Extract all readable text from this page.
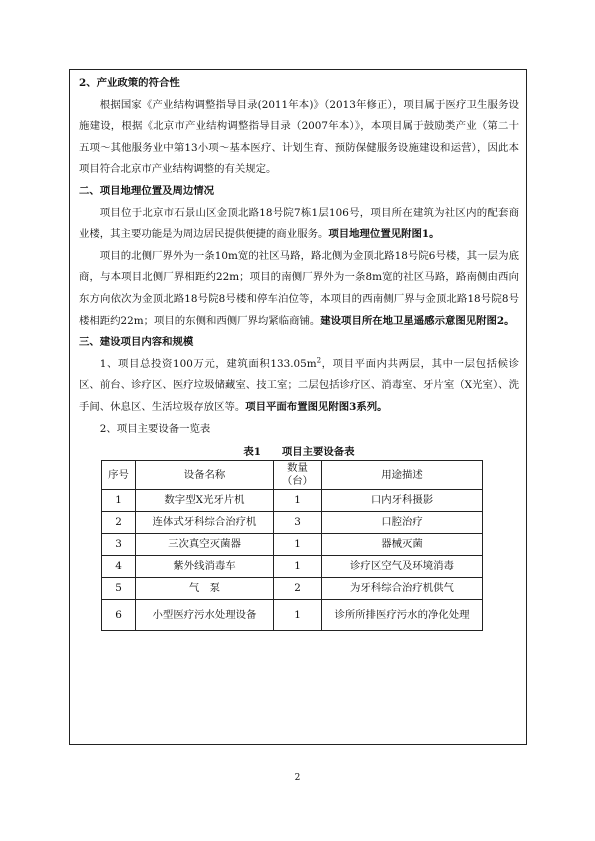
2、产业政策的符合性

根据国家《产业结构调整指导目录(2011年本)》（2013年修正），项目属于医疗卫生服务设施建设，根据《北京市产业结构调整指导目录（2007年本）》，本项目属于鼓励类产业（第二十五项～其他服务业中第13小项～基本医疗、计划生育、预防保健服务设施建设和运营），因此本项目符合北京市产业结构调整的有关规定。

二、项目地理位置及周边情况

项目位于北京市石景山区金顶北路18号院7栋1层106号，项目所在建筑为社区内的配套商业楼，其主要功能是为周边居民提供便捷的商业服务。项目地理位置见附图1。

项目的北侧厂界外为一条10m宽的社区马路，路北侧为金顶北路18号院6号楼，其一层为底商，与本项目北侧厂界相距约22m；项目的南侧厂界外为一条8m宽的社区马路，路南侧由西向东方向依次为金顶北路18号院8号楼和停车泊位等，本项目的西南侧厂界与金顶北路18号院8号楼相距约22m；项目的东侧和西侧厂界均紧临商铺。建设项目所在地卫星遥感示意图见附图2。

三、建设项目内容和规模

1、项目总投资100万元，建筑面积$133.05m^2$，项目平面内共两层，其中一层包括候诊区、前台、诊疗区、医疗垃圾储藏室、技工室；二层包括诊疗区、消毒室、牙片室（X光室）、洗手间、休息区、生活垃圾存放区等。项目平面布置图见附图3系列。

2、项目主要设备一览表

表1　　项目主要设备表

序号	设备名称	数量（台）	用途描述
1	数字型X光牙片机	1	口内牙科摄影
2	连体式牙科综合治疗机	3	口腔治疗
3	三次真空灭菌器	1	器械灭菌
4	紫外线消毒车	1	诊疗区空气及环境消毒
5	气　泵	2	为牙科综合治疗机供气
6	小型医疗污水处理设备	1	诊所所排医疗污水的净化处理
2
